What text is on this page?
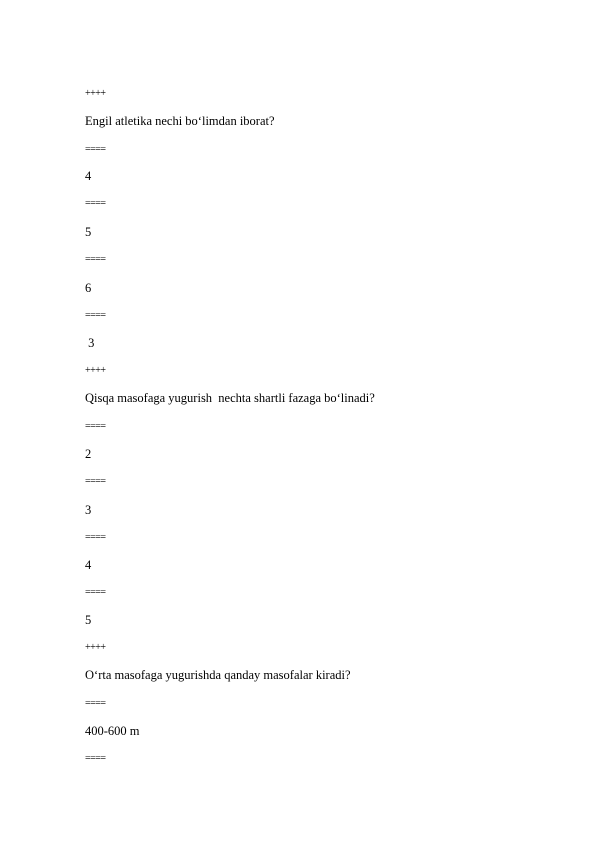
++++
Engil atletika nechi bo‘limdan iborat?
====
4
====
5
====
6
====
3
++++
Qisqa masofaga yugurish  nechta shartli fazaga bo‘linadi?
====
2
====
3
====
4
====
5
++++
O‘rta masofaga yugurishda qanday masofalar kiradi?
====
400-600 m
====
